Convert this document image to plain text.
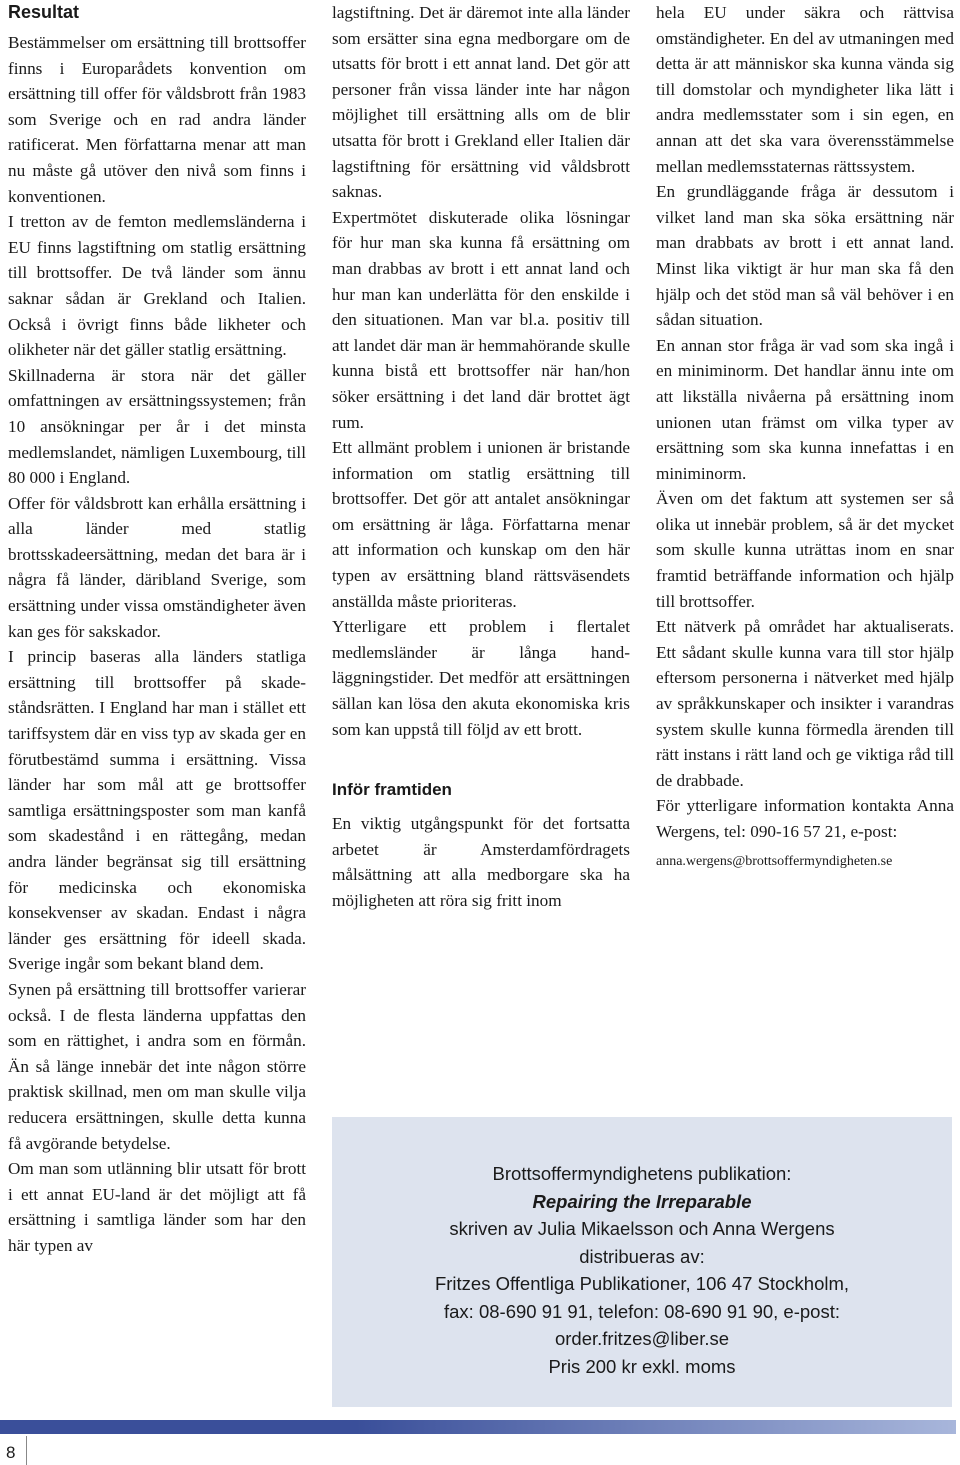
Resultat

Bestämmelser om ersättning till brottsoffer finns i Europarådets konvention om ersättning till offer för våldsbrott från 1983 som Sverige och en rad andra länder ratificerat. Men författarna menar att man nu måste gå utöver den nivå som finns i konventionen.

I tretton av de femton medlemsländerna i EU finns lagstiftning om statlig ersättning till brottsoffer. De två länder som ännu saknar sådan är Grekland och Italien. Också i övrigt finns både likheter och olikheter när det gäller statlig ersättning.

Skillnaderna är stora när det gäller omfattningen av ersättningssystemen; från 10 ansökningar per år i det minsta medlemslandet, nämligen Luxembourg, till 80 000 i England.

Offer för våldsbrott kan erhålla ersättning i alla länder med statlig brottsskadeersättning, medan det bara är i några få länder, däribland Sverige, som ersättning under vissa omständigheter även kan ges för sakskador.

I princip baseras alla länders statliga ersättning till brottsoffer på skadeståndsrätten. I England har man i stället ett tariffsystem där en viss typ av skada ger en förutbestämd summa i ersättning. Vissa länder har som mål att ge brottsoffer samtliga ersättningsposter som man kanfå som skadestånd i en rättegång, medan andra länder begränsat sig till ersättning för medicinska och ekonomiska konsekvenser av skadan. Endast i några länder ges ersättning för ideell skada. Sverige ingår som bekant bland dem.

Synen på ersättning till brottsoffer varierar också. I de flesta länderna uppfattas den som en rättighet, i andra som en förmån. Än så länge innebär det inte någon större praktisk skillnad, men om man skulle vilja reducera ersättningen, skulle detta kunna få avgörande betydelse.

Om man som utlänning blir utsatt för brott i ett annat EU-land är det möjligt att få ersättning i samtliga länder som har den här typen av

lagstiftning. Det är däremot inte alla länder som ersätter sina egna medborgare om de utsatts för brott i ett annat land. Det gör att personer från vissa länder inte har någon möjlighet till ersättning alls om de blir utsatta för brott i Grekland eller Italien där lagstiftning för ersättning vid våldsbrott saknas.

Expertmötet diskuterade olika lösningar för hur man ska kunna få ersättning om man drabbas av brott i ett annat land och hur man kan underlätta för den enskilde i den situationen. Man var bl.a. positiv till att landet där man är hemmahörande skulle kunna bistå ett brottsoffer när han/hon söker ersättning i det land där brottet ägt rum.

Ett allmänt problem i unionen är bristande information om statlig ersättning till brottsoffer. Det gör att antalet ansökningar om ersättning är låga. Författarna menar att information och kunskap om den här typen av ersättning bland rättsväsendets anställda måste prioriteras.

Ytterligare ett problem i flertalet medlemsländer är långa handläggningstider. Det medför att ersättningen sällan kan lösa den akuta ekonomiska kris som kan uppstå till följd av ett brott.

Inför framtiden

En viktig utgångspunkt för det fortsatta arbetet är Amsterdamfördragets målsättning att alla medborgare ska ha möjligheten att röra sig fritt inom

hela EU under säkra och rättvisa omständigheter. En del av utmaningen med detta är att människor ska kunna vända sig till domstolar och myndigheter lika lätt i andra medlemsstater som i sin egen, en annan att det ska vara överensstämmelse mellan medlemsstaternas rättssystem.

En grundläggande fråga är dessutom i vilket land man ska söka ersättning när man drabbats av brott i ett annat land. Minst lika viktigt är hur man ska få den hjälp och det stöd man så väl behöver i en sådan situation.

En annan stor fråga är vad som ska ingå i en miniminorm. Det handlar ännu inte om att likställa nivåerna på ersättning inom unionen utan främst om vilka typer av ersättning som ska kunna innefattas i en miniminorm.

Även om det faktum att systemen ser så olika ut innebär problem, så är det mycket som skulle kunna uträttas inom en snar framtid beträffande information och hjälp till brottsoffer.

Ett nätverk på området har aktualiserats. Ett sådant skulle kunna vara till stor hjälp eftersom personerna i nätverket med hjälp av språkkunskaper och insikter i varandras system skulle kunna förmedla ärenden till rätt instans i rätt land och ge viktiga råd till de drabbade.

För ytterligare information kontakta Anna Wergens, tel: 090-16 57 21, e-post:

anna.wergens@brottsoffermyndigheten.se

Brottsoffermyndighetens publikation:
Repairing the Irreparable
skriven av Julia Mikaelsson och Anna Wergens
distribueras av:
Fritzes Offentliga Publikationer, 106 47 Stockholm,
fax: 08-690 91 91, telefon: 08-690 91 90, e-post:
order.fritzes@liber.se
Pris 200 kr exkl. moms
8
